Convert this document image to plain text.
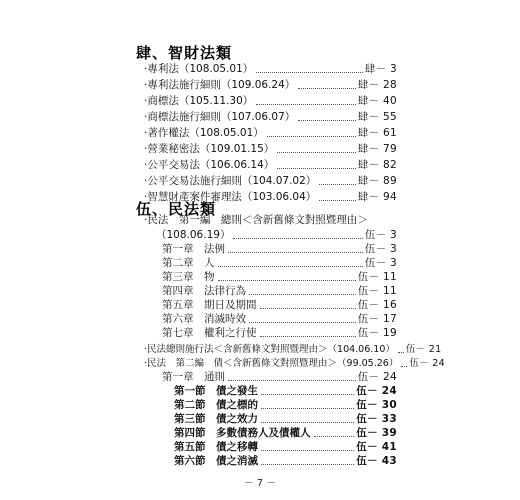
肆、智財法類
‧專利法（108.05.01）	肆－ 3
‧專利法施行細則（109.06.24）	肆－ 28
‧商標法（105.11.30）	肆－ 40
‧商標法施行細則（107.06.07）	肆－ 55
‧著作權法（108.05.01）	肆－ 61
‧營業秘密法（109.01.15）	肆－ 79
‧公平交易法（106.06.14）	肆－ 82
‧公平交易法施行細則（104.07.02）	肆－ 89
‧智慧財產案件審理法（103.06.04）	肆－ 94
伍、民法類
‧民法　第一編　總則＜含新舊條文對照暨理由＞
（108.06.19）	伍－ 3
第一章　法例	伍－ 3
第二章　人	伍－ 3
第三章　物	伍－ 11
第四章　法律行為	伍－ 11
第五章　期日及期間	伍－ 16
第六章　消滅時效	伍－ 17
第七章　權利之行使	伍－ 19
‧民法總則施行法＜含新舊條文對照暨理由＞（104.06.10） 伍－ 21
‧民法　第二編　債＜含新舊條文對照暨理由＞（99.05.26） 伍－ 24
第一章　通則	伍－ 24
第一節　債之發生	伍－ 24
第二節　債之標的	伍－ 30
第三節　債之效力	伍－ 33
第四節　多數債務人及債權人	伍－ 39
第五節　債之移轉	伍－ 41
第六節　債之消滅	伍－ 43
－ 7 －
